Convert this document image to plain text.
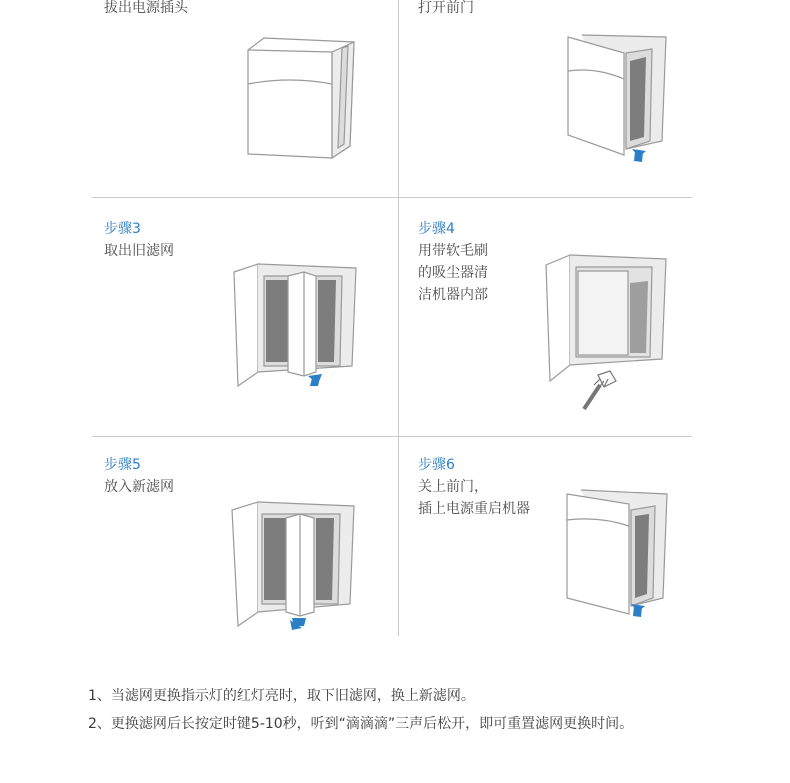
拔出电源插头	打开前门
步骤3
取出旧滤网
步骤4
用带软毛刷
的吸尘器清
洁机器内部
步骤5
放入新滤网
步骤6
关上前门，
插上电源重启机器
1、当滤网更换指示灯的红灯亮时，取下旧滤网，换上新滤网。
2、更换滤网后长按定时键5-10秒，听到“滴滴滴”三声后松开，即可重置滤网更换时间。
